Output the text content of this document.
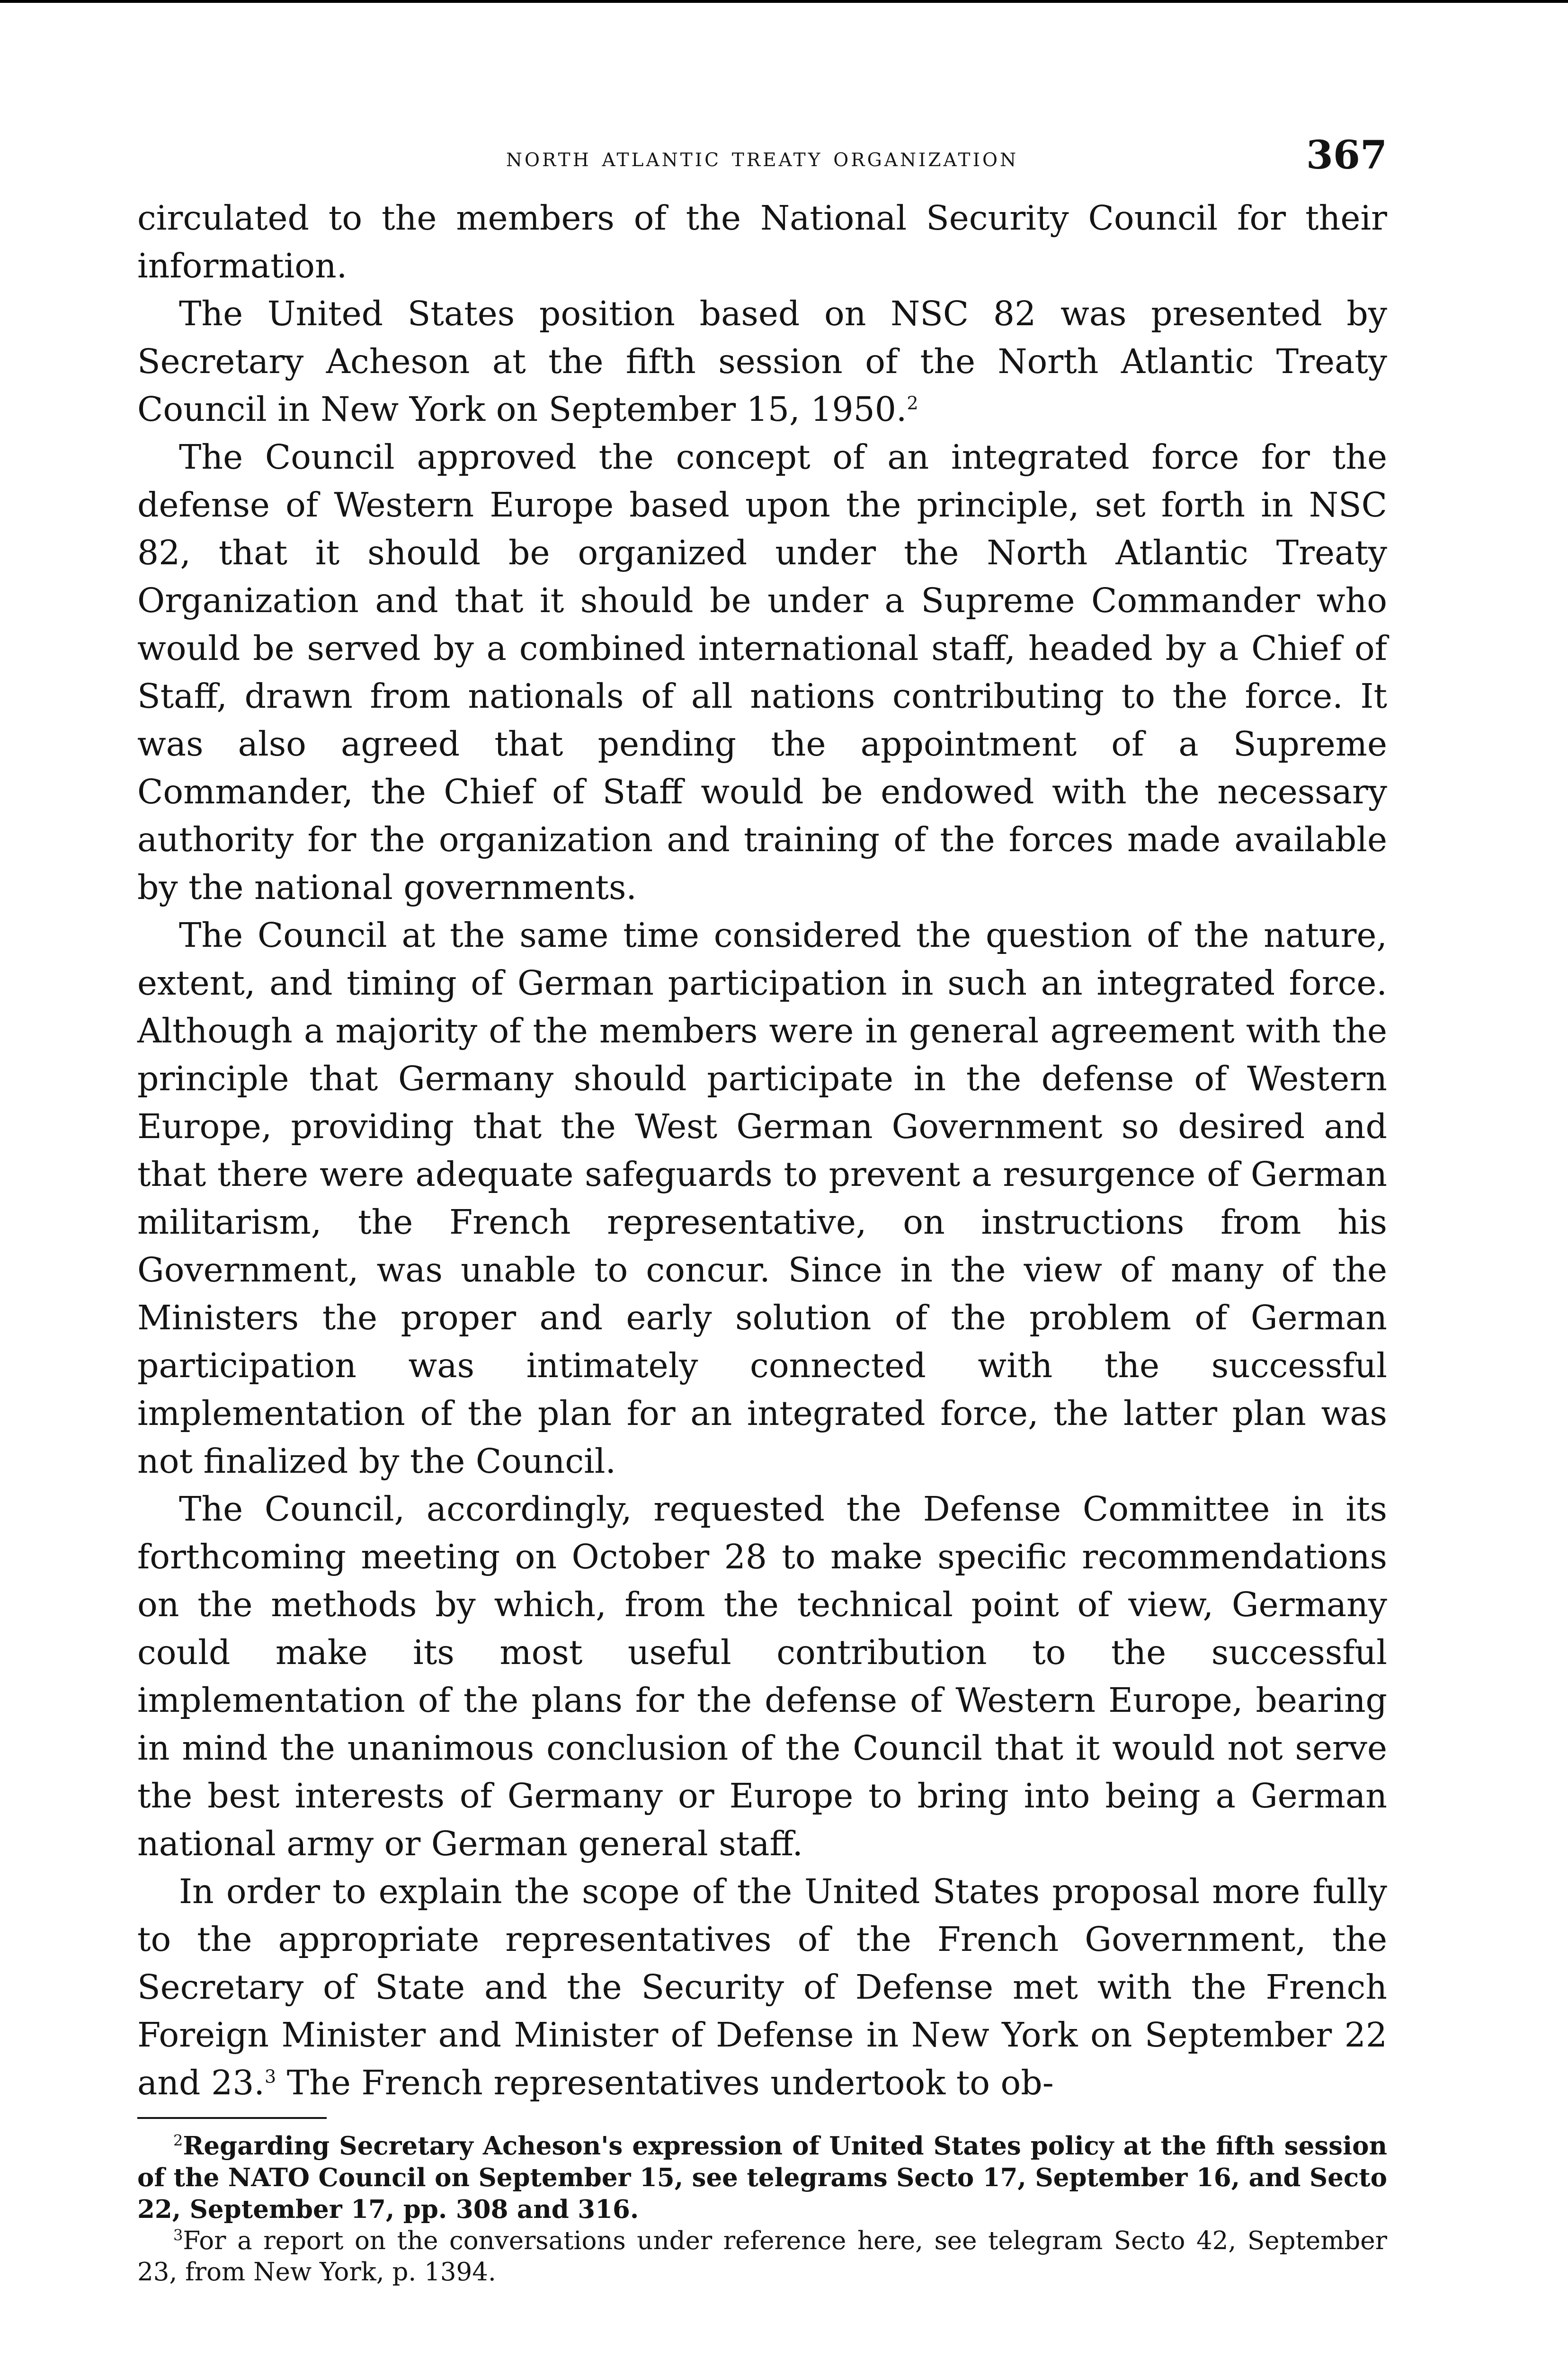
north atlantic treaty organization	367

circulated to the members of the National Security Council for their information.

The United States position based on NSC 82 was presented by Secretary Acheson at the fifth session of the North Atlantic Treaty Council in New York on September 15, 1950.$^2$

The Council approved the concept of an integrated force for the defense of Western Europe based upon the principle, set forth in NSC 82, that it should be organized under the North Atlantic Treaty Organization and that it should be under a Supreme Commander who would be served by a combined international staff, headed by a Chief of Staff, drawn from nationals of all nations contributing to the force. It was also agreed that pending the appointment of a Supreme Commander, the Chief of Staff would be endowed with the necessary authority for the organization and training of the forces made available by the national governments.

The Council at the same time considered the question of the nature, extent, and timing of German participation in such an integrated force. Although a majority of the members were in general agreement with the principle that Germany should participate in the defense of Western Europe, providing that the West German Government so desired and that there were adequate safeguards to prevent a resurgence of German militarism, the French representative, on instructions from his Government, was unable to concur. Since in the view of many of the Ministers the proper and early solution of the problem of German participation was intimately connected with the successful implementation of the plan for an integrated force, the latter plan was not finalized by the Council.

The Council, accordingly, requested the Defense Committee in its forthcoming meeting on October 28 to make specific recommendations on the methods by which, from the technical point of view, Germany could make its most useful contribution to the successful implementation of the plans for the defense of Western Europe, bearing in mind the unanimous conclusion of the Council that it would not serve the best interests of Germany or Europe to bring into being a German national army or German general staff.

In order to explain the scope of the United States proposal more fully to the appropriate representatives of the French Government, the Secretary of State and the Security of Defense met with the French Foreign Minister and Minister of Defense in New York on September 22 and 23.$^3$ The French representatives undertook to ob-

$^2$Regarding Secretary Acheson's expression of United States policy at the fifth session of the NATO Council on September 15, see telegrams Secto 17, September 16, and Secto 22, September 17, pp. 308 and 316.

$^3$For a report on the conversations under reference here, see telegram Secto 42, September 23, from New York, p. 1394.
